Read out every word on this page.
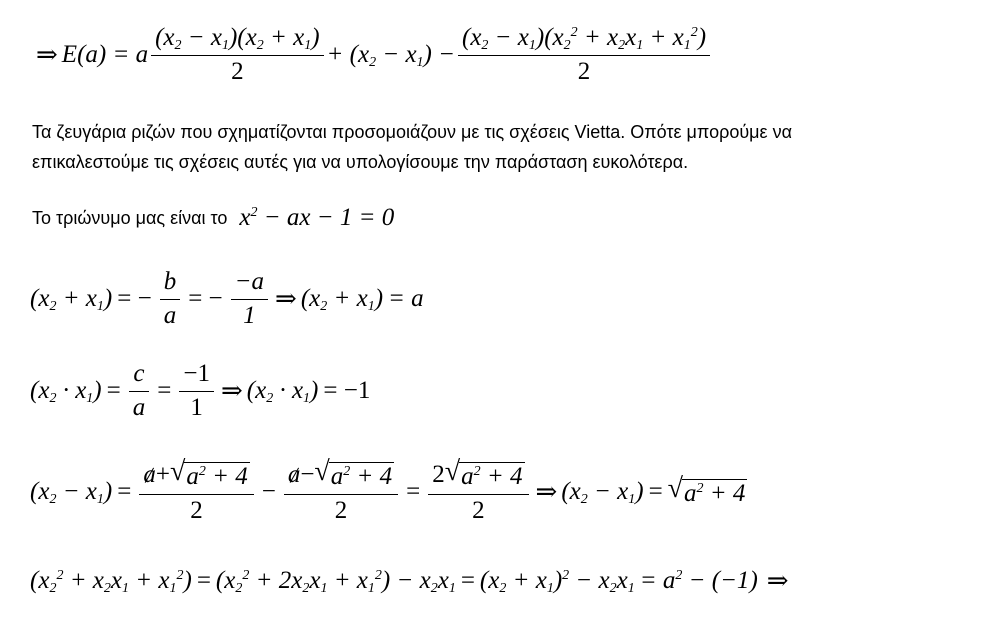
⇒ E(a) = a $\frac{(x_2 - x_1)(x_2 + x_1)}{2} + (x_2 - x_1) - \frac{(x_2 - x_1)(x_2^2 + x_2x_1 + x_1^2)}{2}$
Τα ζευγάρια ριζών που σχηματίζονται προσομοιάζουν με τις σχέσεις Vietta. Οπότε μπορούμε να
επικαλεστούμε τις σχέσεις αυτές για να υπολογίσουμε την παράσταση ευκολότερα.
Το τριώνυμο μας είναι το $x^2$ − ax − 1 = 0
$(x_2 + x_1)$ = − $\frac{b}{a}$ = − $\frac{-a}{1}$ ⇒ $(x_2 + x_1) = a$
$(x_2 \cdot x_1) = \frac{c}{a} = \frac{-1}{1}$ ⇒ $(x_2 \cdot x_1) = -1$
$(x_2 - x_1) = \frac{a + √ a^2 + 4}{2} - \frac{a - √ a^2 + 4}{2} = \frac{2 √ a^2 + 4}{2}$ ⇒ $(x_2 - x_1)$ = √ $a^2 + 4$
$(x_2^2 + x_2x_1 + x_1^2) = (x_2^2 + 2x_2x_1 + x_1^2) - x_2x_1 = (x_2 + x_1)^2 - x_2x_1 = a^2 - (-1)$ ⇒
